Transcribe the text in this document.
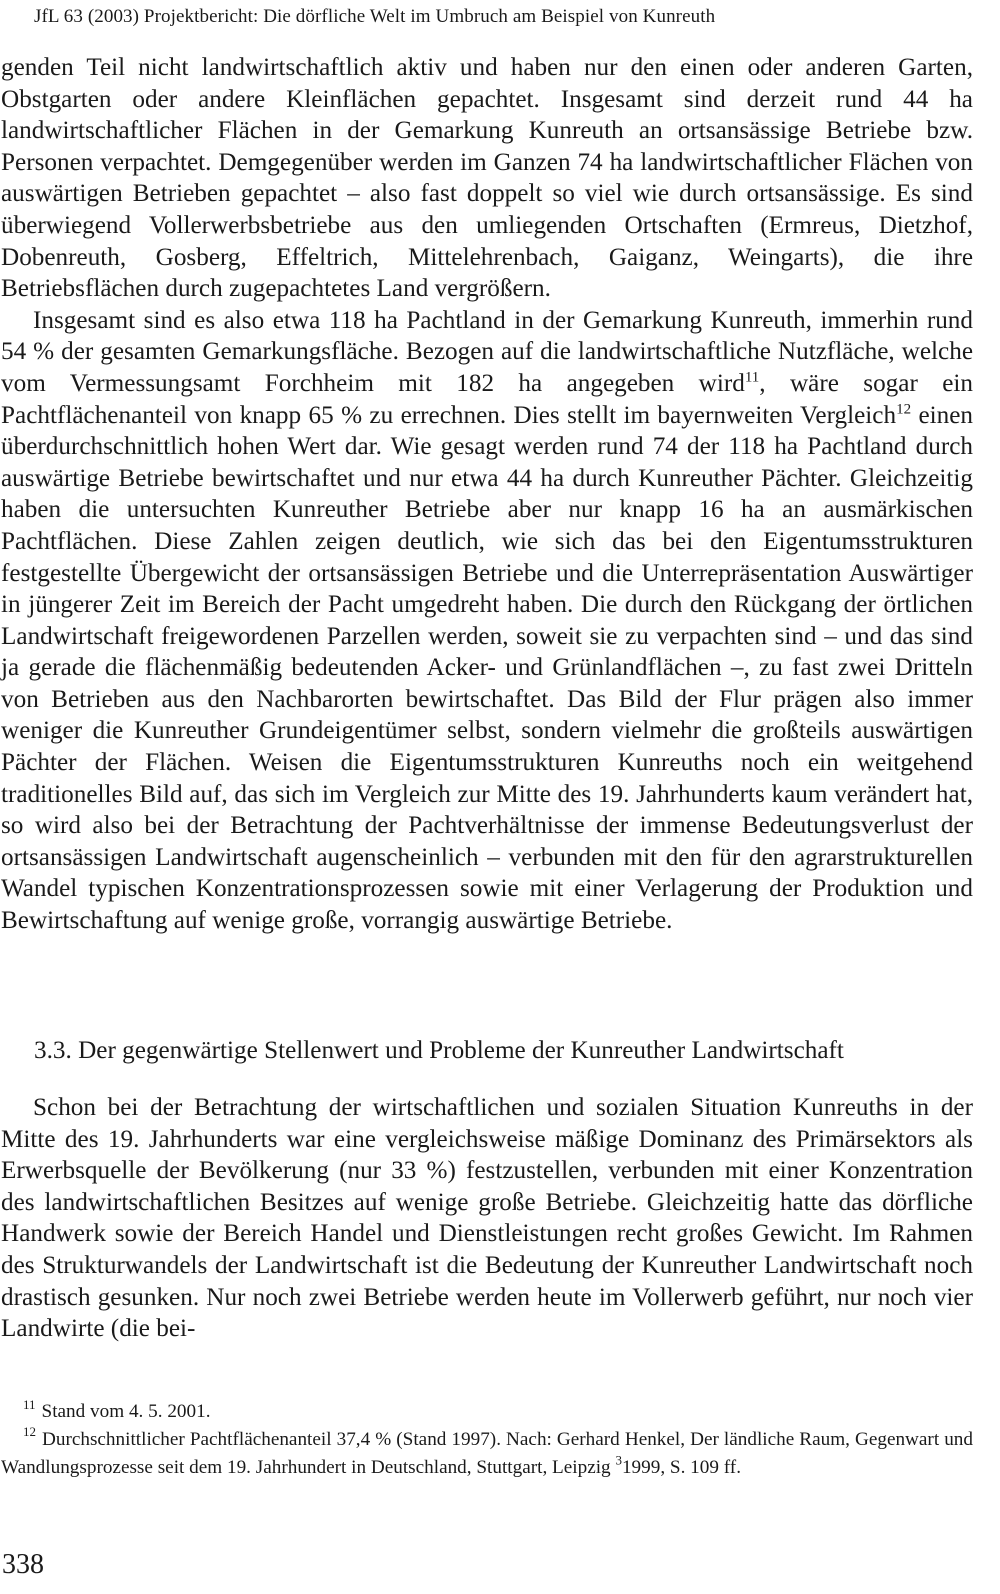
JfL 63 (2003) Projektbericht: Die dörfliche Welt im Umbruch am Beispiel von Kunreuth

genden Teil nicht landwirtschaftlich aktiv und haben nur den einen oder anderen Garten, Obstgarten oder andere Kleinflächen gepachtet. Insgesamt sind derzeit rund 44 ha landwirtschaftlicher Flächen in der Gemarkung Kunreuth an ortsansässige Betriebe bzw. Personen verpachtet. Demgegenüber werden im Ganzen 74 ha landwirtschaftlicher Flächen von auswärtigen Betrieben gepachtet – also fast doppelt so viel wie durch ortsansässige. Es sind überwiegend Vollerwerbsbetriebe aus den umliegenden Ortschaften (Ermreus, Dietzhof, Dobenreuth, Gosberg, Effeltrich, Mittelehrenbach, Gaiganz, Weingarts), die ihre Betriebsflächen durch zugepachtetes Land vergrößern.

Insgesamt sind es also etwa 118 ha Pachtland in der Gemarkung Kunreuth, immerhin rund 54 % der gesamten Gemarkungsfläche. Bezogen auf die landwirtschaftliche Nutzfläche, welche vom Vermessungsamt Forchheim mit 182 ha angegeben wird$^{11}$, wäre sogar ein Pachtflächenanteil von knapp 65 % zu errechnen. Dies stellt im bayernweiten Vergleich$^{12}$ einen überdurchschnittlich hohen Wert dar. Wie gesagt werden rund 74 der 118 ha Pachtland durch auswärtige Betriebe bewirtschaftet und nur etwa 44 ha durch Kunreuther Pächter. Gleichzeitig haben die untersuchten Kunreuther Betriebe aber nur knapp 16 ha an ausmärkischen Pachtflächen. Diese Zahlen zeigen deutlich, wie sich das bei den Eigentumsstrukturen festgestellte Übergewicht der ortsansässigen Betriebe und die Unterrepräsentation Auswärtiger in jüngerer Zeit im Bereich der Pacht umgedreht haben. Die durch den Rückgang der örtlichen Landwirtschaft freigewordenen Parzellen werden, soweit sie zu verpachten sind – und das sind ja gerade die flächenmäßig bedeutenden Acker- und Grünlandflächen –, zu fast zwei Dritteln von Betrieben aus den Nachbarorten bewirtschaftet. Das Bild der Flur prägen also immer weniger die Kunreuther Grundeigentümer selbst, sondern vielmehr die großteils auswärtigen Pächter der Flächen. Weisen die Eigentumsstrukturen Kunreuths noch ein weitgehend traditionelles Bild auf, das sich im Vergleich zur Mitte des 19. Jahrhunderts kaum verändert hat, so wird also bei der Betrachtung der Pachtverhältnisse der immense Bedeutungsverlust der ortsansässigen Landwirtschaft augenscheinlich – verbunden mit den für den agrarstrukturellen Wandel typischen Konzentrationsprozessen sowie mit einer Verlagerung der Produktion und Bewirtschaftung auf wenige große, vorrangig auswärtige Betriebe.

3.3. Der gegenwärtige Stellenwert und Probleme der Kunreuther Landwirtschaft

Schon bei der Betrachtung der wirtschaftlichen und sozialen Situation Kunreuths in der Mitte des 19. Jahrhunderts war eine vergleichsweise mäßige Dominanz des Primärsektors als Erwerbsquelle der Bevölkerung (nur 33 %) festzustellen, verbunden mit einer Konzentration des landwirtschaftlichen Besitzes auf wenige große Betriebe. Gleichzeitig hatte das dörfliche Handwerk sowie der Bereich Handel und Dienstleistungen recht großes Gewicht. Im Rahmen des Strukturwandels der Landwirtschaft ist die Bedeutung der Kunreuther Landwirtschaft noch drastisch gesunken. Nur noch zwei Betriebe werden heute im Vollerwerb geführt, nur noch vier Landwirte (die bei-

$^{11}$ Stand vom 4. 5. 2001.

$^{12}$ Durchschnittlicher Pachtflächenanteil 37,4 % (Stand 1997). Nach: Gerhard Henkel, Der ländliche Raum, Gegenwart und Wandlungsprozesse seit dem 19. Jahrhundert in Deutschland, Stuttgart, Leipzig $^3$1999, S. 109 ff.

338
